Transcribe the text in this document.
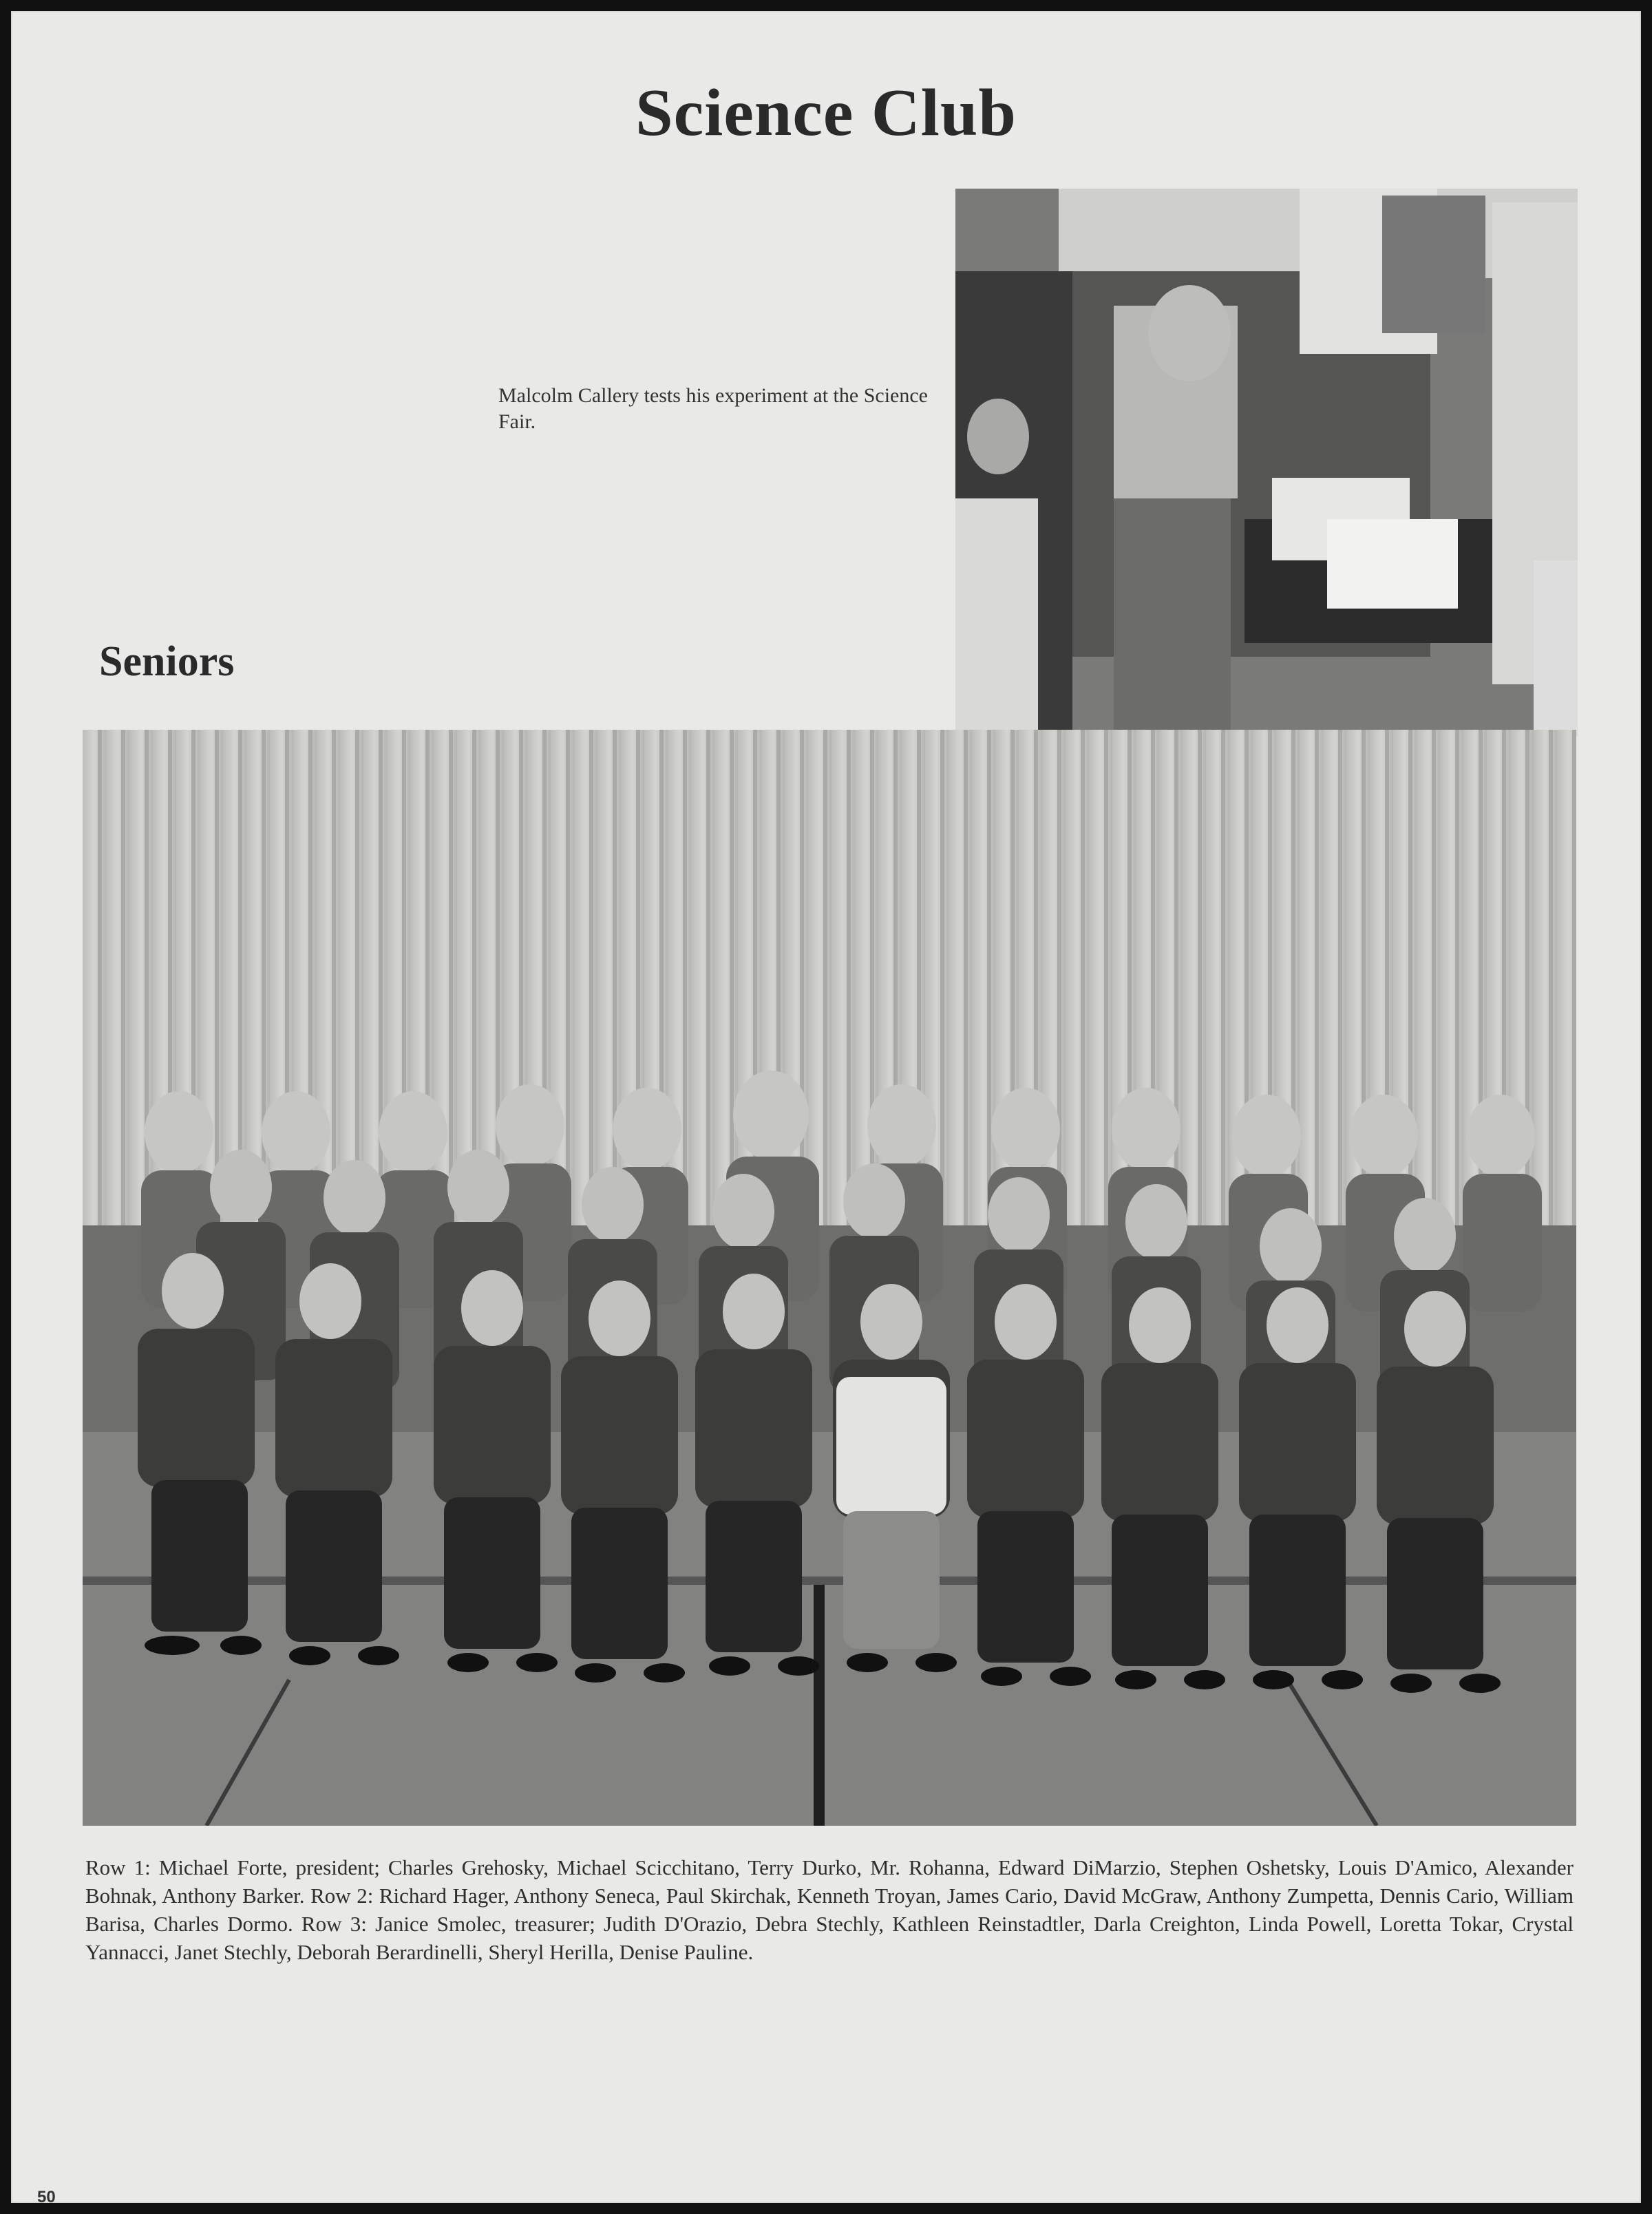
Science Club
Malcolm Callery tests his experiment at the Science Fair.
Seniors
Row 1: Michael Forte, president; Charles Grehosky, Michael Scicchitano, Terry Durko, Mr. Rohanna, Edward DiMarzio, Stephen Oshetsky, Louis D'Amico, Alexander Bohnak, Anthony Barker. Row 2: Richard Hager, Anthony Seneca, Paul Skirchak, Kenneth Troyan, James Cario, David McGraw, Anthony Zumpetta, Dennis Cario, William Barisa, Charles Dormo. Row 3: Janice Smolec, treasurer; Judith D'Orazio, Debra Stechly, Kathleen Reinstadtler, Darla Creighton, Linda Powell, Loretta Tokar, Crystal Yannacci, Janet Stechly, Deborah Berardinelli, Sheryl Herilla, Denise Pauline.
50
